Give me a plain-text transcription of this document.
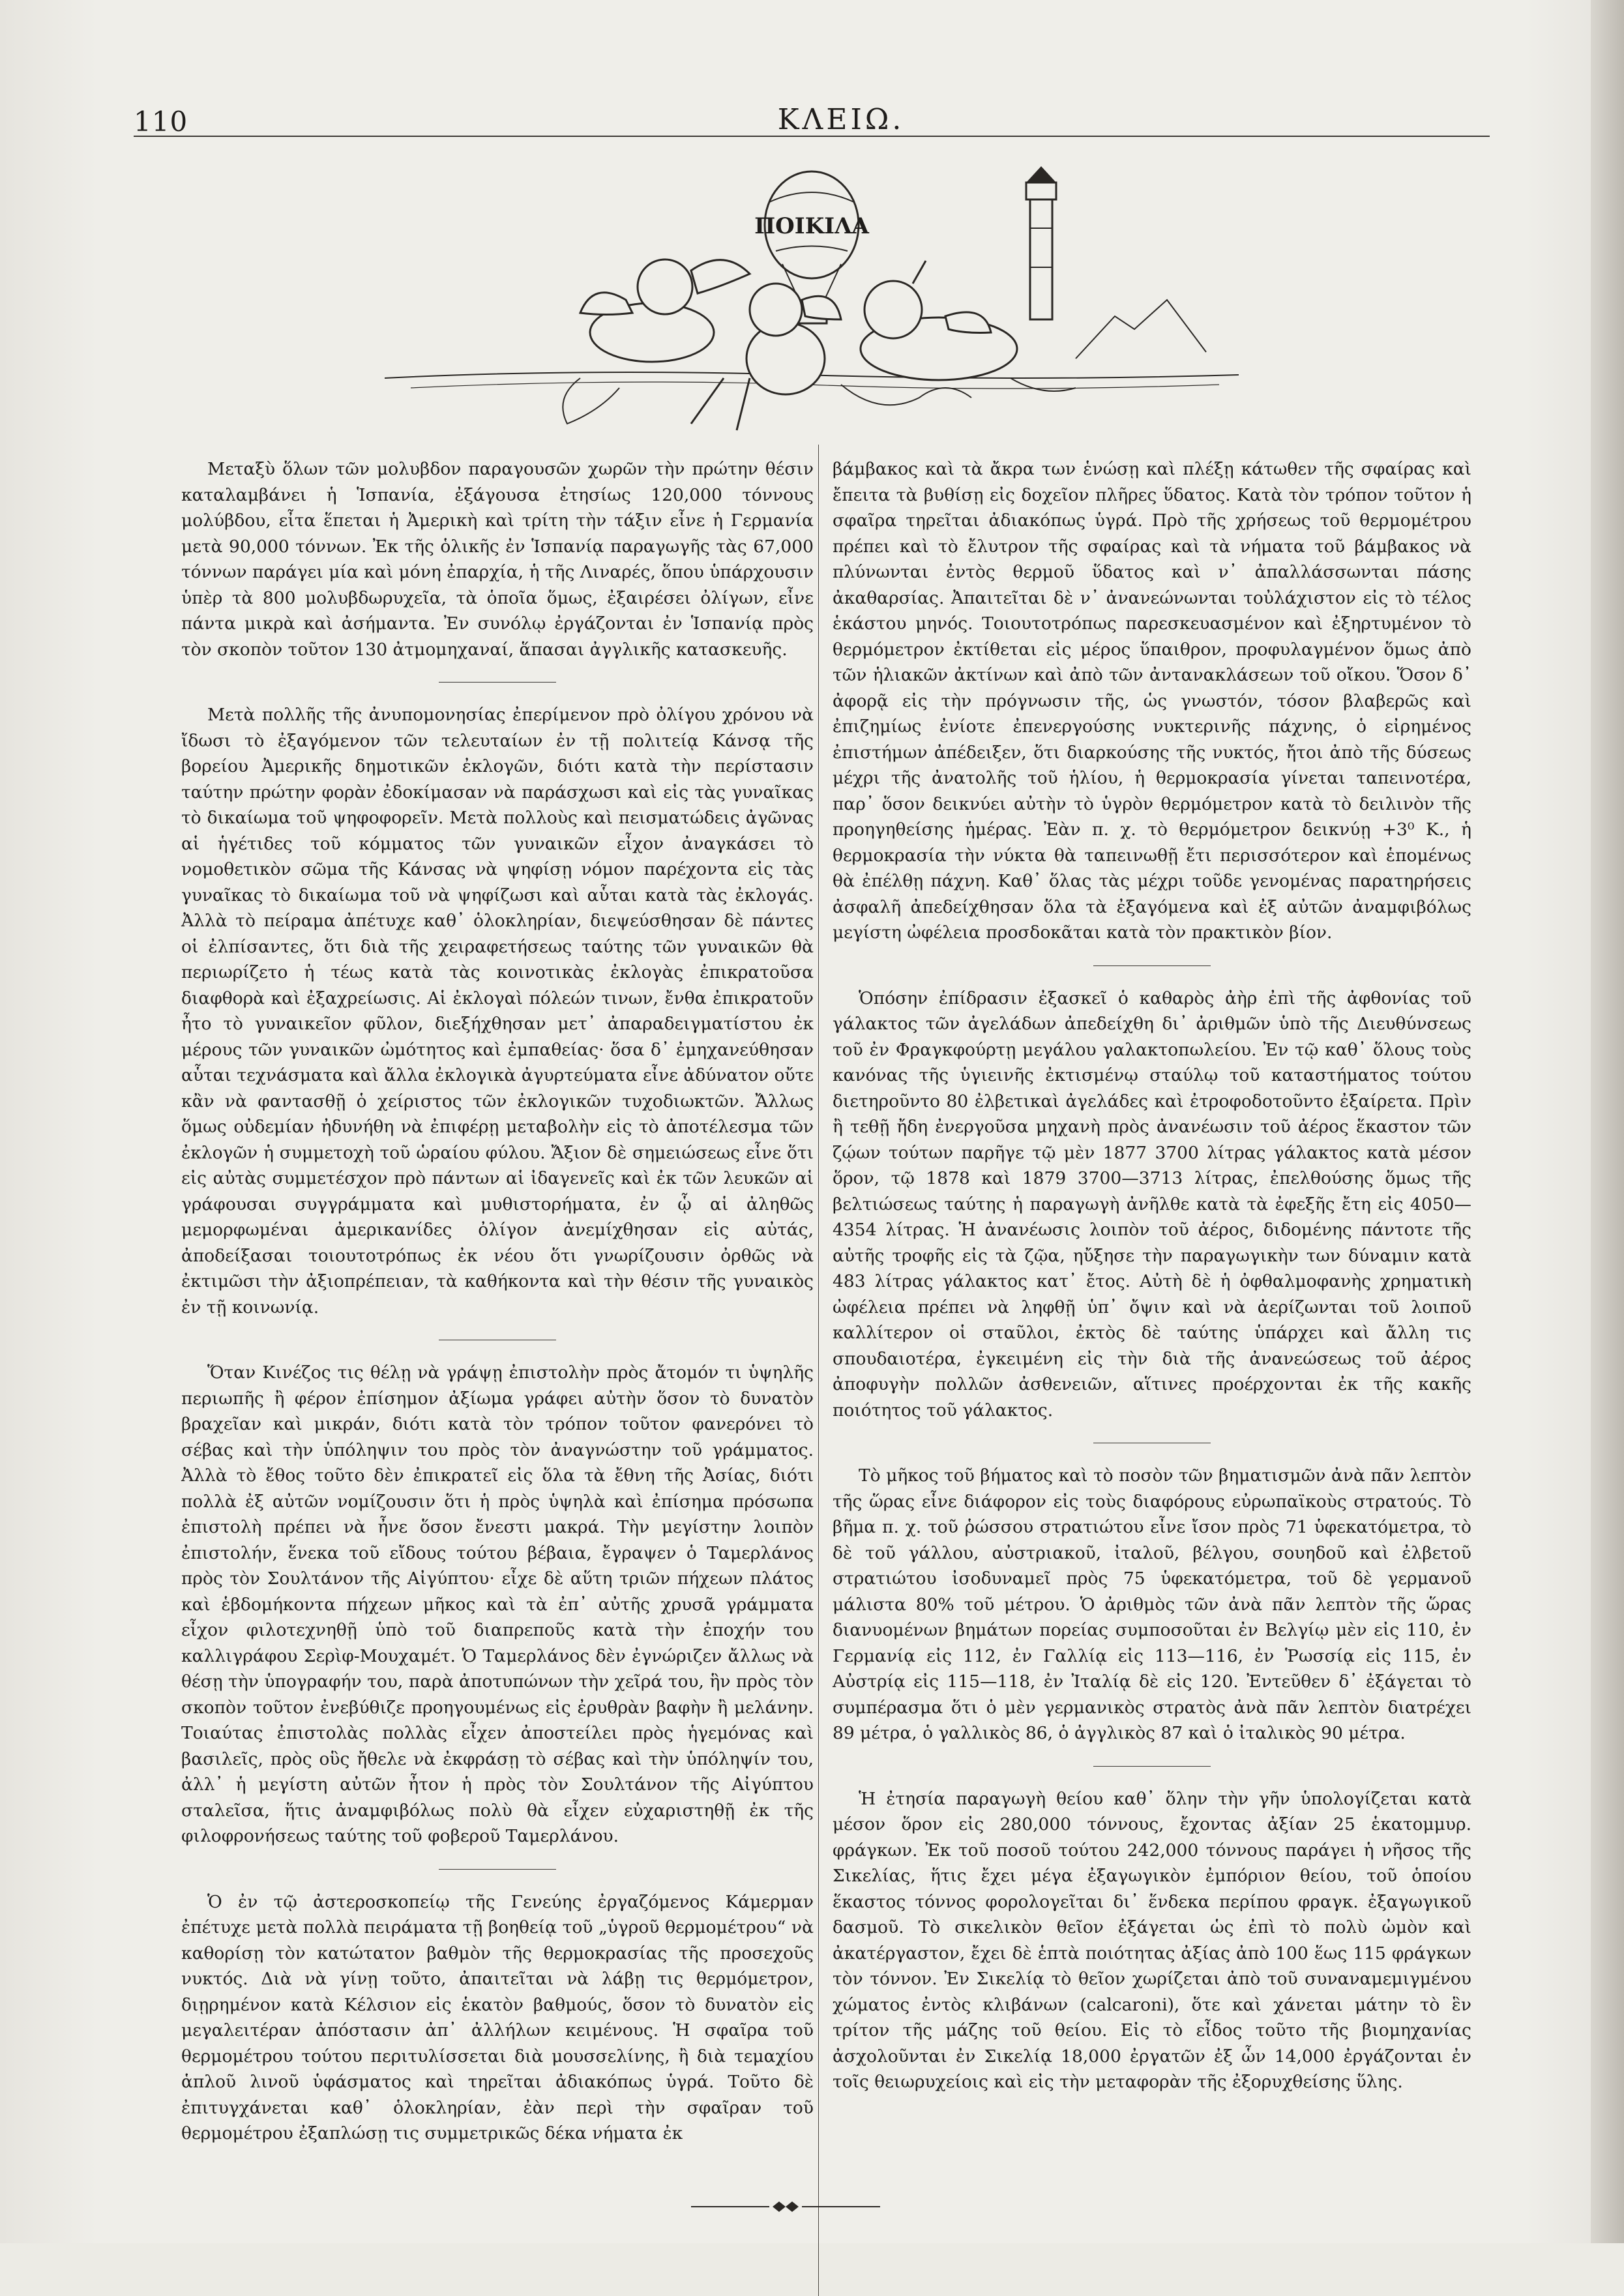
110	ΚΛΕΙΩ.
ΠΟΙΚΙΛΑ

Μεταξὺ ὅλων τῶν μολυβδον παραγουσῶν χωρῶν τὴν πρώτην θέσιν καταλαμβάνει ἡ Ἱσπανία, ἐξάγουσα ἐτησίως 120,000 τόννους μολύβδου, εἶτα ἕπεται ἡ Ἀμερικὴ καὶ τρίτη τὴν τάξιν εἶνε ἡ Γερμανία μετὰ 90,000 τόννων. Ἐκ τῆς ὁλικῆς ἐν Ἱσπανίᾳ παραγωγῆς τὰς 67,000 τόννων παράγει μία καὶ μόνη ἐπαρχία, ἡ τῆς Λιναρές, ὅπου ὑπάρχουσιν ὑπὲρ τὰ 800 μολυβδωρυχεῖα, τὰ ὁποῖα ὅμως, ἐξαιρέσει ὀλίγων, εἶνε πάντα μικρὰ καὶ ἀσήμαντα. Ἐν συνόλῳ ἐργάζονται ἐν Ἱσπανίᾳ πρὸς τὸν σκοπὸν τοῦτον 130 ἀτμομηχαναί, ἅπασαι ἀγγλικῆς κατασκευῆς.

Μετὰ πολλῆς τῆς ἀνυπομονησίας ἐπερίμενον πρὸ ὀλίγου χρόνου νὰ ἴδωσι τὸ ἐξαγόμενον τῶν τελευταίων ἐν τῇ πολιτείᾳ Κάνσᾳ τῆς βορείου Ἀμερικῆς δημοτικῶν ἐκλογῶν, διότι κατὰ τὴν περίστασιν ταύτην πρώτην φορὰν ἐδοκίμασαν νὰ παράσχωσι καὶ εἰς τὰς γυναῖκας τὸ δικαίωμα τοῦ ψηφοφορεῖν. Μετὰ πολλοὺς καὶ πεισματώδεις ἀγῶνας αἱ ἡγέτιδες τοῦ κόμματος τῶν γυναικῶν εἶχον ἀναγκάσει τὸ νομοθετικὸν σῶμα τῆς Κάνσας νὰ ψηφίσῃ νόμον παρέχοντα εἰς τὰς γυναῖκας τὸ δικαίωμα τοῦ νὰ ψηφίζωσι καὶ αὗται κατὰ τὰς ἐκλογάς. Ἀλλὰ τὸ πείραμα ἀπέτυχε καθ᾿ ὁλοκληρίαν, διεψεύσθησαν δὲ πάντες οἱ ἐλπίσαντες, ὅτι διὰ τῆς χειραφετήσεως ταύτης τῶν γυναικῶν θὰ περιωρίζετο ἡ τέως κατὰ τὰς κοινοτικὰς ἐκλογὰς ἐπικρατοῦσα διαφθορὰ καὶ ἐξαχρείωσις. Αἱ ἐκλογαὶ πόλεών τινων, ἔνθα ἐπικρατοῦν ἦτο τὸ γυναικεῖον φῦλον, διεξήχθησαν μετ᾿ ἀπαραδειγματίστου ἐκ μέρους τῶν γυναικῶν ὠμότητος καὶ ἐμπαθείας· ὅσα δ᾿ ἐμηχανεύθησαν αὗται τεχνάσματα καὶ ἄλλα ἐκλογικὰ ἀγυρτεύματα εἶνε ἀδύνατον οὔτε κἂν νὰ φαντασθῇ ὁ χείριστος τῶν ἐκλογικῶν τυχοδιωκτῶν. Ἄλλως ὅμως οὐδεμίαν ἠδυνήθη νὰ ἐπιφέρῃ μεταβολὴν εἰς τὸ ἀποτέλεσμα τῶν ἐκλογῶν ἡ συμμετοχὴ τοῦ ὡραίου φύλου. Ἄξιον δὲ σημειώσεως εἶνε ὅτι εἰς αὐτὰς συμμετέσχον πρὸ πάντων αἱ ἰδαγενεῖς καὶ ἐκ τῶν λευκῶν αἱ γράφουσαι συγγράμματα καὶ μυθιστορήματα, ἐν ᾧ αἱ ἀληθῶς μεμορφωμέναι ἀμερικανίδες ὀλίγον ἀνεμίχθησαν εἰς αὐτάς, ἀποδείξασαι τοιουτοτρόπως ἐκ νέου ὅτι γνωρίζουσιν ὀρθῶς νὰ ἐκτιμῶσι τὴν ἀξιοπρέπειαν, τὰ καθήκοντα καὶ τὴν θέσιν τῆς γυναικὸς ἐν τῇ κοινωνίᾳ.

Ὅταν Κινέζος τις θέλῃ νὰ γράψῃ ἐπιστολὴν πρὸς ἄτομόν τι ὑψηλῆς περιωπῆς ἢ φέρον ἐπίσημον ἀξίωμα γράφει αὐτὴν ὅσον τὸ δυνατὸν βραχεῖαν καὶ μικράν, διότι κατὰ τὸν τρόπον τοῦτον φανερόνει τὸ σέβας καὶ τὴν ὑπόληψιν του πρὸς τὸν ἀναγνώστην τοῦ γράμματος. Ἀλλὰ τὸ ἔθος τοῦτο δὲν ἐπικρατεῖ εἰς ὅλα τὰ ἔθνη τῆς Ἀσίας, διότι πολλὰ ἐξ αὐτῶν νομίζουσιν ὅτι ἡ πρὸς ὑψηλὰ καὶ ἐπίσημα πρόσωπα ἐπιστολὴ πρέπει νὰ ἦνε ὅσον ἔνεστι μακρά. Τὴν μεγίστην λοιπὸν ἐπιστολήν, ἕνεκα τοῦ εἴδους τούτου βέβαια, ἔγραψεν ὁ Ταμερλάνος πρὸς τὸν Σουλτάνον τῆς Αἰγύπτου· εἶχε δὲ αὕτη τριῶν πήχεων πλάτος καὶ ἑβδομήκοντα πήχεων μῆκος καὶ τὰ ἐπ᾿ αὐτῆς χρυσᾶ γράμματα εἶχον φιλοτεχνηθῇ ὑπὸ τοῦ διαπρεποῦς κατὰ τὴν ἐποχήν του καλλιγράφου Σερὶφ-Μουχαμέτ. Ὁ Ταμερλάνος δὲν ἐγνώριζεν ἄλλως νὰ θέσῃ τὴν ὑπογραφήν του, παρὰ ἀποτυπώνων τὴν χεῖρά του, ἣν πρὸς τὸν σκοπὸν τοῦτον ἐνεβύθιζε προηγουμένως εἰς ἐρυθρὰν βαφὴν ἢ μελάνην. Τοιαύτας ἐπιστολὰς πολλὰς εἶχεν ἀποστείλει πρὸς ἡγεμόνας καὶ βασιλεῖς, πρὸς οὓς ἤθελε νὰ ἐκφράσῃ τὸ σέβας καὶ τὴν ὑπόληψίν του, ἀλλ᾿ ἡ μεγίστη αὐτῶν ἦτον ἡ πρὸς τὸν Σουλτάνον τῆς Αἰγύπτου σταλεῖσα, ἥτις ἀναμφιβόλως πολὺ θὰ εἶχεν εὐχαριστηθῇ ἐκ τῆς φιλοφρονήσεως ταύτης τοῦ φοβεροῦ Ταμερλάνου.

Ὁ ἐν τῷ ἀστεροσκοπείῳ τῆς Γενεύης ἐργαζόμενος Κάμερμαν ἐπέτυχε μετὰ πολλὰ πειράματα τῇ βοηθείᾳ τοῦ „ὑγροῦ θερμομέτρου“ νὰ καθορίσῃ τὸν κατώτατον βαθμὸν τῆς θερμοκρασίας τῆς προσεχοῦς νυκτός. Διὰ νὰ γίνῃ τοῦτο, ἀπαιτεῖται νὰ λάβῃ τις θερμόμετρον, διῃρημένον κατὰ Κέλσιον εἰς ἑκατὸν βαθμούς, ὅσον τὸ δυνατὸν εἰς μεγαλειτέραν ἀπόστασιν ἀπ᾿ ἀλλήλων κειμένους. Ἡ σφαῖρα τοῦ θερμομέτρου τούτου περιτυλίσσεται διὰ μουσσελίνης, ἢ διὰ τεμαχίου ἁπλοῦ λινοῦ ὑφάσματος καὶ τηρεῖται ἀδιακόπως ὑγρά. Τοῦτο δὲ ἐπιτυγχάνεται καθ᾿ ὁλοκληρίαν, ἐὰν περὶ τὴν σφαῖραν τοῦ θερμομέτρου ἐξαπλώσῃ τις συμμετρικῶς δέκα νήματα ἐκ

βάμβακος καὶ τὰ ἄκρα των ἑνώσῃ καὶ πλέξῃ κάτωθεν τῆς σφαίρας καὶ ἔπειτα τὰ βυθίσῃ εἰς δοχεῖον πλῆρες ὕδατος. Κατὰ τὸν τρόπον τοῦτον ἡ σφαῖρα τηρεῖται ἀδιακόπως ὑγρά. Πρὸ τῆς χρήσεως τοῦ θερμομέτρου πρέπει καὶ τὸ ἔλυτρον τῆς σφαίρας καὶ τὰ νήματα τοῦ βάμβακος νὰ πλύνωνται ἐντὸς θερμοῦ ὕδατος καὶ ν᾿ ἀπαλλάσσωνται πάσης ἀκαθαρσίας. Ἀπαιτεῖται δὲ ν᾿ ἀνανεώνωνται τοὐλάχιστον εἰς τὸ τέλος ἑκάστου μηνός. Τοιουτοτρόπως παρεσκευασμένον καὶ ἐξηρτυμένον τὸ θερμόμετρον ἐκτίθεται εἰς μέρος ὕπαιθρον, προφυλαγμένον ὅμως ἀπὸ τῶν ἡλιακῶν ἀκτίνων καὶ ἀπὸ τῶν ἀντανακλάσεων τοῦ οἴκου. Ὅσον δ᾿ ἀφορᾷ εἰς τὴν πρόγνωσιν τῆς, ὡς γνωστόν, τόσον βλαβερῶς καὶ ἐπιζημίως ἐνίοτε ἐπενεργούσης νυκτερινῆς πάχνης, ὁ εἰρημένος ἐπιστήμων ἀπέδειξεν, ὅτι διαρκούσης τῆς νυκτός, ἤτοι ἀπὸ τῆς δύσεως μέχρι τῆς ἀνατολῆς τοῦ ἡλίου, ἡ θερμοκρασία γίνεται ταπεινοτέρα, παρ᾿ ὅσον δεικνύει αὐτὴν τὸ ὑγρὸν θερμόμετρον κατὰ τὸ δειλινὸν τῆς προηγηθείσης ἡμέρας. Ἐὰν π. χ. τὸ θερμόμετρον δεικνύῃ +3⁰ Κ., ἡ θερμοκρασία τὴν νύκτα θὰ ταπεινωθῇ ἔτι περισσότερον καὶ ἑπομένως θὰ ἐπέλθῃ πάχνη. Καθ᾿ ὅλας τὰς μέχρι τοῦδε γενομένας παρατηρήσεις ἀσφαλῆ ἀπεδείχθησαν ὅλα τὰ ἐξαγόμενα καὶ ἐξ αὐτῶν ἀναμφιβόλως μεγίστη ὠφέλεια προσδοκᾶται κατὰ τὸν πρακτικὸν βίον.

Ὁπόσην ἐπίδρασιν ἐξασκεῖ ὁ καθαρὸς ἀὴρ ἐπὶ τῆς ἀφθονίας τοῦ γάλακτος τῶν ἀγελάδων ἀπεδείχθη δι᾿ ἀριθμῶν ὑπὸ τῆς Διευθύνσεως τοῦ ἐν Φραγκφούρτῃ μεγάλου γαλακτοπωλείου. Ἐν τῷ καθ᾿ ὅλους τοὺς κανόνας τῆς ὑγιεινῆς ἐκτισμένῳ σταύλῳ τοῦ καταστήματος τούτου διετηροῦντο 80 ἐλβετικαὶ ἀγελάδες καὶ ἐτροφοδοτοῦντο ἐξαίρετα. Πρὶν ἢ τεθῇ ἤδη ἐνεργοῦσα μηχανὴ πρὸς ἀνανέωσιν τοῦ ἀέρος ἕκαστον τῶν ζῴων τούτων παρῆγε τῷ μὲν 1877 3700 λίτρας γάλακτος κατὰ μέσον ὅρον, τῷ 1878 καὶ 1879 3700—3713 λίτρας, ἐπελθούσης ὅμως τῆς βελτιώσεως ταύτης ἡ παραγωγὴ ἀνῆλθε κατὰ τὰ ἐφεξῆς ἔτη εἰς 4050—4354 λίτρας. Ἡ ἀνανέωσις λοιπὸν τοῦ ἀέρος, διδομένης πάντοτε τῆς αὐτῆς τροφῆς εἰς τὰ ζῷα, ηὔξησε τὴν παραγωγικὴν των δύναμιν κατὰ 483 λίτρας γάλακτος κατ᾿ ἔτος. Αὐτὴ δὲ ἡ ὀφθαλμοφανὴς χρηματικὴ ὠφέλεια πρέπει νὰ ληφθῇ ὑπ᾿ ὄψιν καὶ νὰ ἀερίζωνται τοῦ λοιποῦ καλλίτερον οἱ σταῦλοι, ἐκτὸς δὲ ταύτης ὑπάρχει καὶ ἄλλη τις σπουδαιοτέρα, ἐγκειμένη εἰς τὴν διὰ τῆς ἀνανεώσεως τοῦ ἀέρος ἀποφυγὴν πολλῶν ἀσθενειῶν, αἵτινες προέρχονται ἐκ τῆς κακῆς ποιότητος τοῦ γάλακτος.

Τὸ μῆκος τοῦ βήματος καὶ τὸ ποσὸν τῶν βηματισμῶν ἀνὰ πᾶν λεπτὸν τῆς ὥρας εἶνε διάφορον εἰς τοὺς διαφόρους εὐρωπαϊκοὺς στρατούς. Τὸ βῆμα π. χ. τοῦ ῥώσσου στρατιώτου εἶνε ἴσον πρὸς 71 ὑφεκατόμετρα, τὸ δὲ τοῦ γάλλου, αὐστριακοῦ, ἰταλοῦ, βέλγου, σουηδοῦ καὶ ἐλβετοῦ στρατιώτου ἰσοδυναμεῖ πρὸς 75 ὑφεκατόμετρα, τοῦ δὲ γερμανοῦ μάλιστα 80% τοῦ μέτρου. Ὁ ἀριθμὸς τῶν ἀνὰ πᾶν λεπτὸν τῆς ὥρας διανυομένων βημάτων πορείας συμποσοῦται ἐν Βελγίῳ μὲν εἰς 110, ἐν Γερμανίᾳ εἰς 112, ἐν Γαλλίᾳ εἰς 113—116, ἐν Ῥωσσίᾳ εἰς 115, ἐν Αὐστρίᾳ εἰς 115—118, ἐν Ἰταλίᾳ δὲ εἰς 120. Ἐντεῦθεν δ᾿ ἐξάγεται τὸ συμπέρασμα ὅτι ὁ μὲν γερμανικὸς στρατὸς ἀνὰ πᾶν λεπτὸν διατρέχει 89 μέτρα, ὁ γαλλικὸς 86, ὁ ἀγγλικὸς 87 καὶ ὁ ἰταλικὸς 90 μέτρα.

Ἡ ἐτησία παραγωγὴ θείου καθ᾿ ὅλην τὴν γῆν ὑπολογίζεται κατὰ μέσον ὅρον εἰς 280,000 τόννους, ἔχοντας ἀξίαν 25 ἑκατομμυρ. φράγκων. Ἐκ τοῦ ποσοῦ τούτου 242,000 τόννους παράγει ἡ νῆσος τῆς Σικελίας, ἥτις ἔχει μέγα ἐξαγωγικὸν ἐμπόριον θείου, τοῦ ὁποίου ἕκαστος τόννος φορολογεῖται δι᾿ ἕνδεκα περίπου φραγκ. ἐξαγωγικοῦ δασμοῦ. Τὸ σικελικὸν θεῖον ἐξάγεται ὡς ἐπὶ τὸ πολὺ ὠμὸν καὶ ἀκατέργαστον, ἔχει δὲ ἑπτὰ ποιότητας ἀξίας ἀπὸ 100 ἕως 115 φράγκων τὸν τόννον. Ἐν Σικελίᾳ τὸ θεῖον χωρίζεται ἀπὸ τοῦ συναναμεμιγμένου χώματος ἐντὸς κλιβάνων (calcaroni), ὅτε καὶ χάνεται μάτην τὸ ἓν τρίτον τῆς μάζης τοῦ θείου. Εἰς τὸ εἶδος τοῦτο τῆς βιομηχανίας ἀσχολοῦνται ἐν Σικελίᾳ 18,000 ἐργατῶν ἐξ ὧν 14,000 ἐργάζονται ἐν τοῖς θειωρυχείοις καὶ εἰς τὴν μεταφορὰν τῆς ἐξορυχθείσης ὕλης.
